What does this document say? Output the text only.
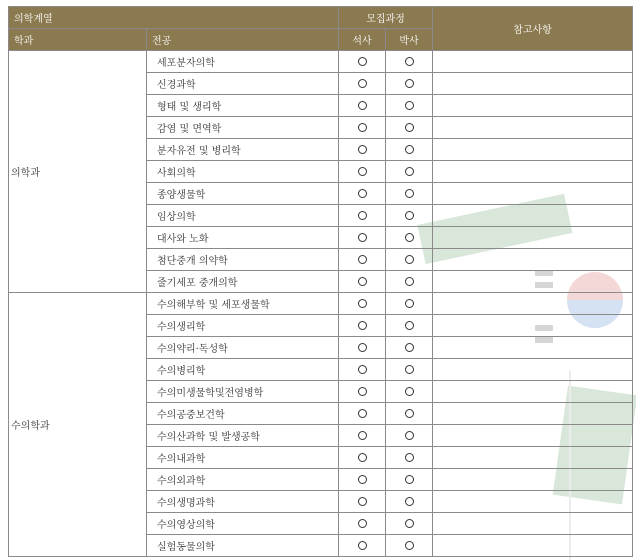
의학계열		모집과정		참고사항
학과	전공	석사	박사	
의학과	세포분자의학			
	신경과학			
	형태 및 생리학			
	감염 및 면역학			
	분자유전 및 병리학			
	사회의학			
	종양생물학			
	임상의학			
	대사와 노화			
	첨단중개 의약학			
	줄기세포 중개의학			
수의학과	수의해부학 및 세포생물학			
	수의생리학			
	수의약리·독성학			
	수의병리학			
	수의미생물학및전염병학			
	수의공중보건학			
	수의산과학 및 발생공학			
	수의내과학			
	수의외과학			
	수의생명과학			
	수의영상의학			
	실험동물의학			
